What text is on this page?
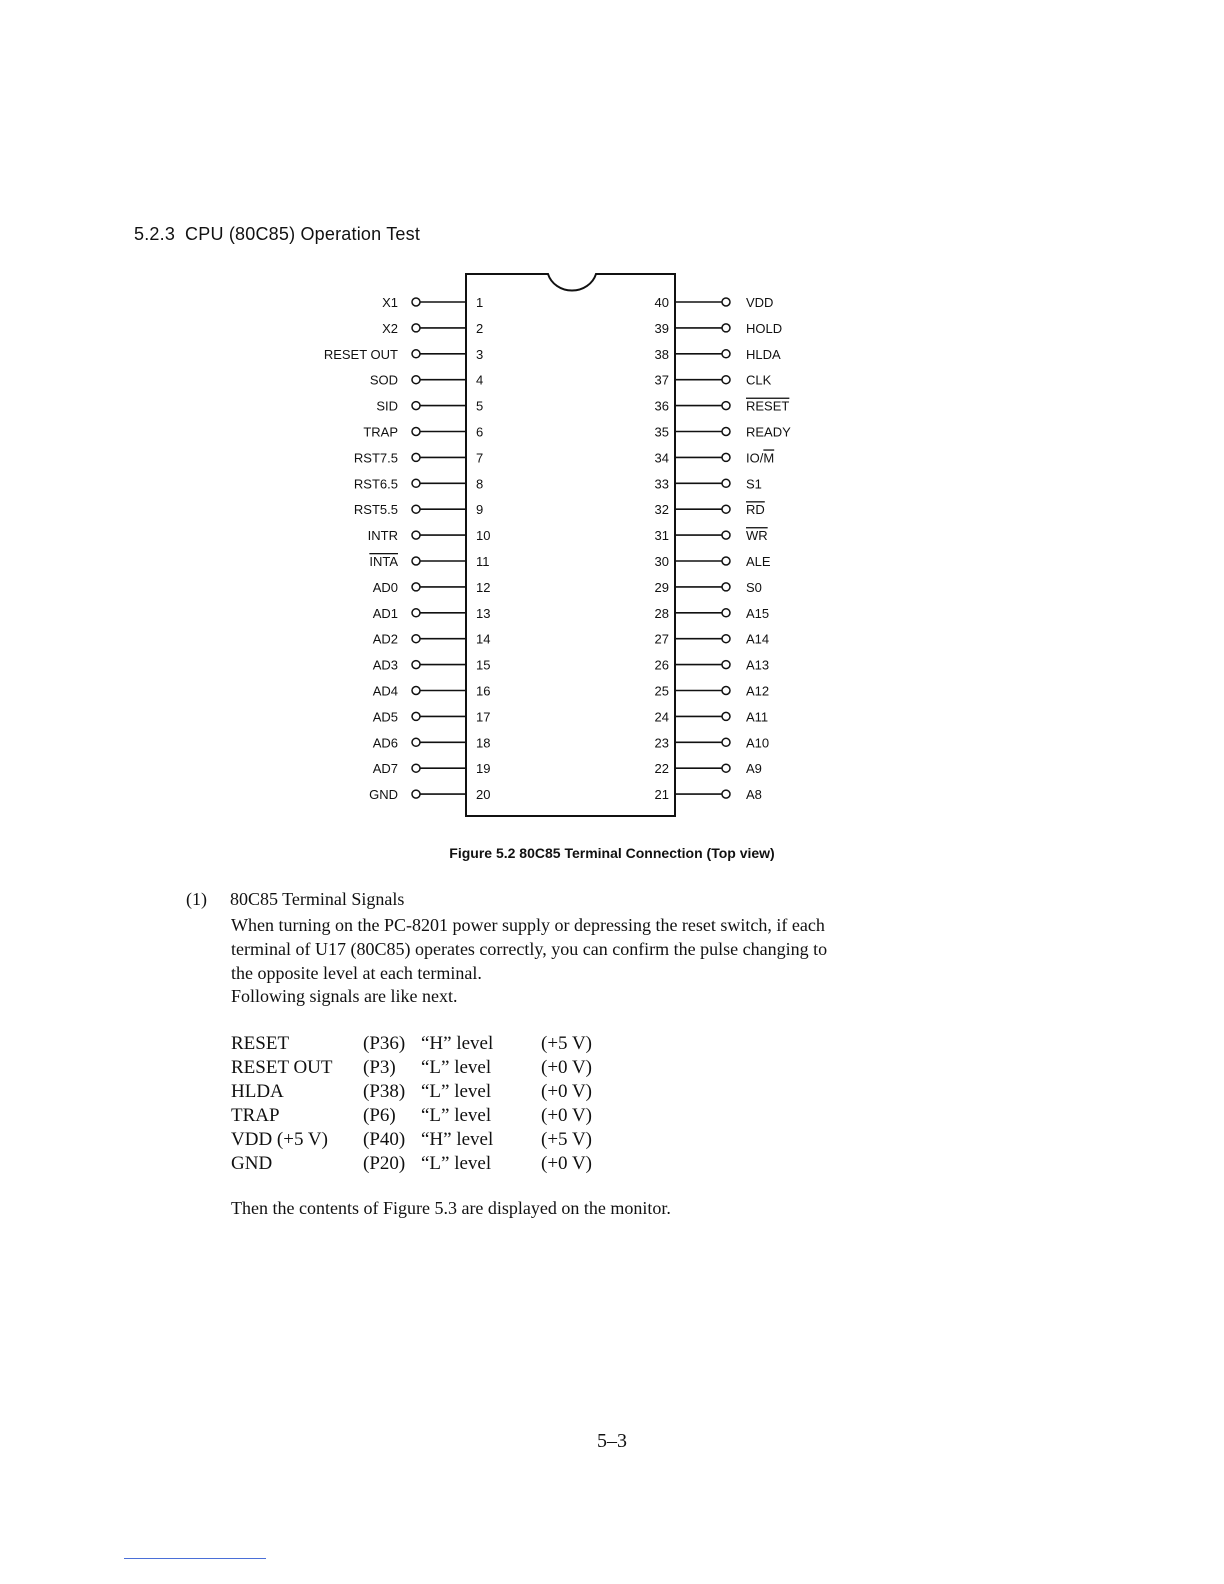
5.2.3 CPU (80C85) Operation Test
1
X1
2
X2
3
RESET OUT
4
SOD
5
SID
6
TRAP
7
RST7.5
8
RST6.5
9
RST5.5
10
INTR
11
INTA
12
AD0
13
AD1
14
AD2
15
AD3
16
AD4
17
AD5
18
AD6
19
AD7
20
GND
40	VDD
39	HOLD
38	HLDA
37	CLK
36	RESET
35	READY
34	IO/M
33	S1
32	RD
31	WR
30	ALE
29	S0
28	A15
27	A14
26	A13
25	A12
24	A11
23	A10
22	A9
21	A8
Figure 5.2 80C85 Terminal Connection (Top view)
(1) 80C85 Terminal Signals
When turning on the PC-8201 power supply or depressing the reset switch, if each
terminal of U17 (80C85) operates correctly, you can confirm the pulse changing to
the opposite level at each terminal.
Following signals are like next.
RESET	(P36)	“H” level	(+5 V)
RESET OUT	(P3)	“L” level	(+0 V)
HLDA	(P38)	“L” level	(+0 V)
TRAP	(P6)	“L” level	(+0 V)
VDD (+5 V)	(P40)	“H” level	(+5 V)
GND	(P20)	“L” level	(+0 V)
Then the contents of Figure 5.3 are displayed on the monitor.
5–3
